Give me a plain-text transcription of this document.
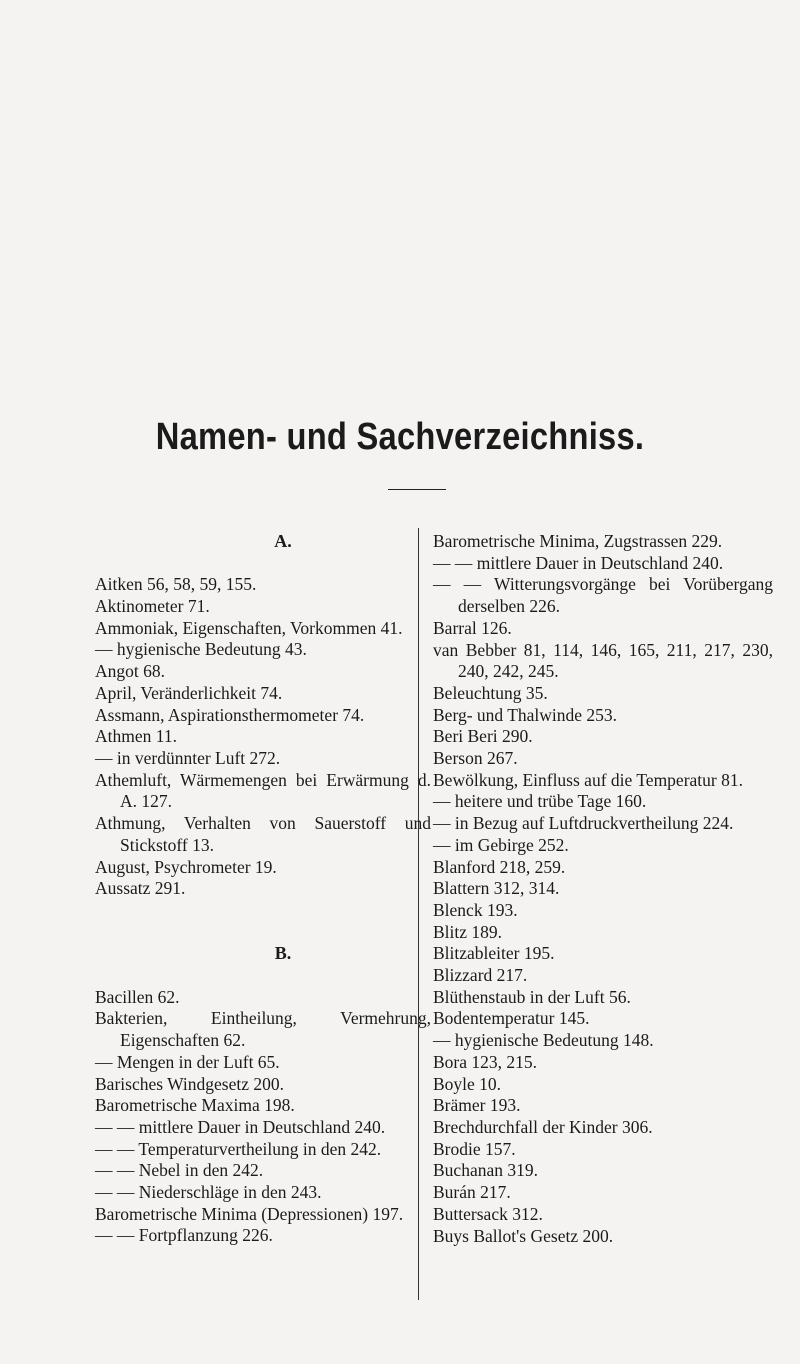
Namen- und Sachverzeichniss.
A.
Aitken 56, 58, 59, 155.
Aktinometer 71.
Ammoniak, Eigenschaften, Vorkommen 41.
— hygienische Bedeutung 43.
Angot 68.
April, Veränderlichkeit 74.
Assmann, Aspirationsthermometer 74.
Athmen 11.
— in verdünnter Luft 272.
Athemluft, Wärmemengen bei Erwärmung d. A. 127.
Athmung, Verhalten von Sauerstoff und Stickstoff 13.
August, Psychrometer 19.
Aussatz 291.
B.
Bacillen 62.
Bakterien, Eintheilung, Vermehrung, Eigenschaften 62.
— Mengen in der Luft 65.
Barisches Windgesetz 200.
Barometrische Maxima 198.
— — mittlere Dauer in Deutschland 240.
— — Temperaturvertheilung in den 242.
— — Nebel in den 242.
— — Niederschläge in den 243.
Barometrische Minima (Depressionen) 197.
— — Fortpflanzung 226.
Barometrische Minima, Zugstrassen 229.
— — mittlere Dauer in Deutschland 240.
— — Witterungsvorgänge bei Vorübergang derselben 226.
Barral 126.
van Bebber 81, 114, 146, 165, 211, 217, 230, 240, 242, 245.
Beleuchtung 35.
Berg- und Thalwinde 253.
Beri Beri 290.
Berson 267.
Bewölkung, Einfluss auf die Temperatur 81.
— heitere und trübe Tage 160.
— in Bezug auf Luftdruckvertheilung 224.
— im Gebirge 252.
Blanford 218, 259.
Blattern 312, 314.
Blenck 193.
Blitz 189.
Blitzableiter 195.
Blizzard 217.
Blüthenstaub in der Luft 56.
Bodentemperatur 145.
— hygienische Bedeutung 148.
Bora 123, 215.
Boyle 10.
Brämer 193.
Brechdurchfall der Kinder 306.
Brodie 157.
Buchanan 319.
Burán 217.
Buttersack 312.
Buys Ballot's Gesetz 200.
